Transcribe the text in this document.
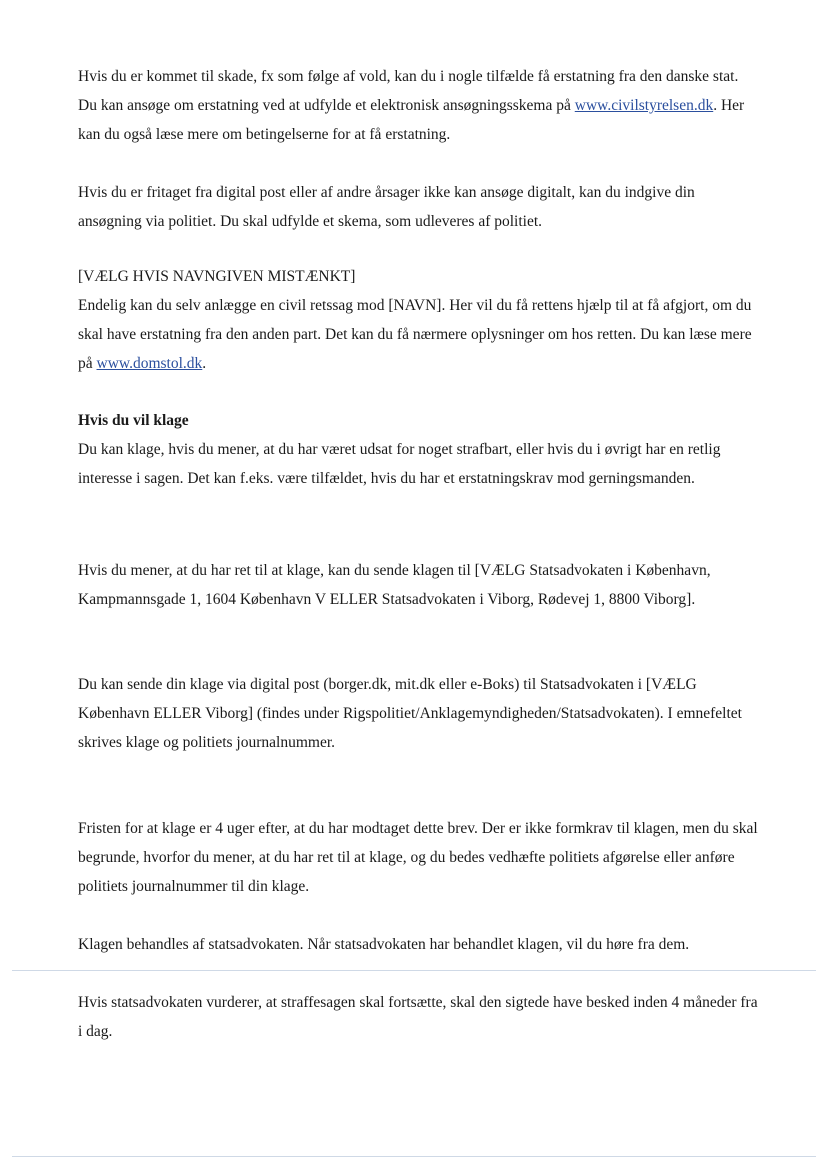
Hvis du er kommet til skade, fx som følge af vold, kan du i nogle tilfælde få erstatning fra den danske stat. Du kan ansøge om erstatning ved at udfylde et elektronisk ansøgningsskema på www.civilstyrelsen.dk. Her kan du også læse mere om betingelserne for at få erstatning.

Hvis du er fritaget fra digital post eller af andre årsager ikke kan ansøge digitalt, kan du indgive din ansøgning via politiet. Du skal udfylde et skema, som udleveres af politiet.

[VÆLG HVIS NAVNGIVEN MISTÆNKT]
Endelig kan du selv anlægge en civil retssag mod [NAVN]. Her vil du få rettens hjælp til at få afgjort, om du skal have erstatning fra den anden part. Det kan du få nærmere oplysninger om hos retten. Du kan læse mere på www.domstol.dk.
Hvis du vil klage
Du kan klage, hvis du mener, at du har været udsat for noget strafbart, eller hvis du i øvrigt har en retlig interesse i sagen. Det kan f.eks. være tilfældet, hvis du har et erstatningskrav mod gerningsmanden.

Hvis du mener, at du har ret til at klage, kan du sende klagen til [VÆLG Statsadvokaten i København, Kampmannsgade 1, 1604 København V ELLER Statsadvokaten i Viborg, Rødevej 1, 8800 Viborg].

Du kan sende din klage via digital post (borger.dk, mit.dk eller e-Boks) til Statsadvokaten i [VÆLG København ELLER Viborg] (findes under Rigspolitiet/Anklagemyndigheden/Statsadvokaten). I emnefeltet skrives klage og politiets journalnummer.

Fristen for at klage er 4 uger efter, at du har modtaget dette brev. Der er ikke formkrav til klagen, men du skal begrunde, hvorfor du mener, at du har ret til at klage, og du bedes vedhæfte politiets afgørelse eller anføre politiets journalnummer til din klage.

Klagen behandles af statsadvokaten. Når statsadvokaten har behandlet klagen, vil du høre fra dem.

Hvis statsadvokaten vurderer, at straffesagen skal fortsætte, skal den sigtede have besked inden 4 måneder fra i dag.
